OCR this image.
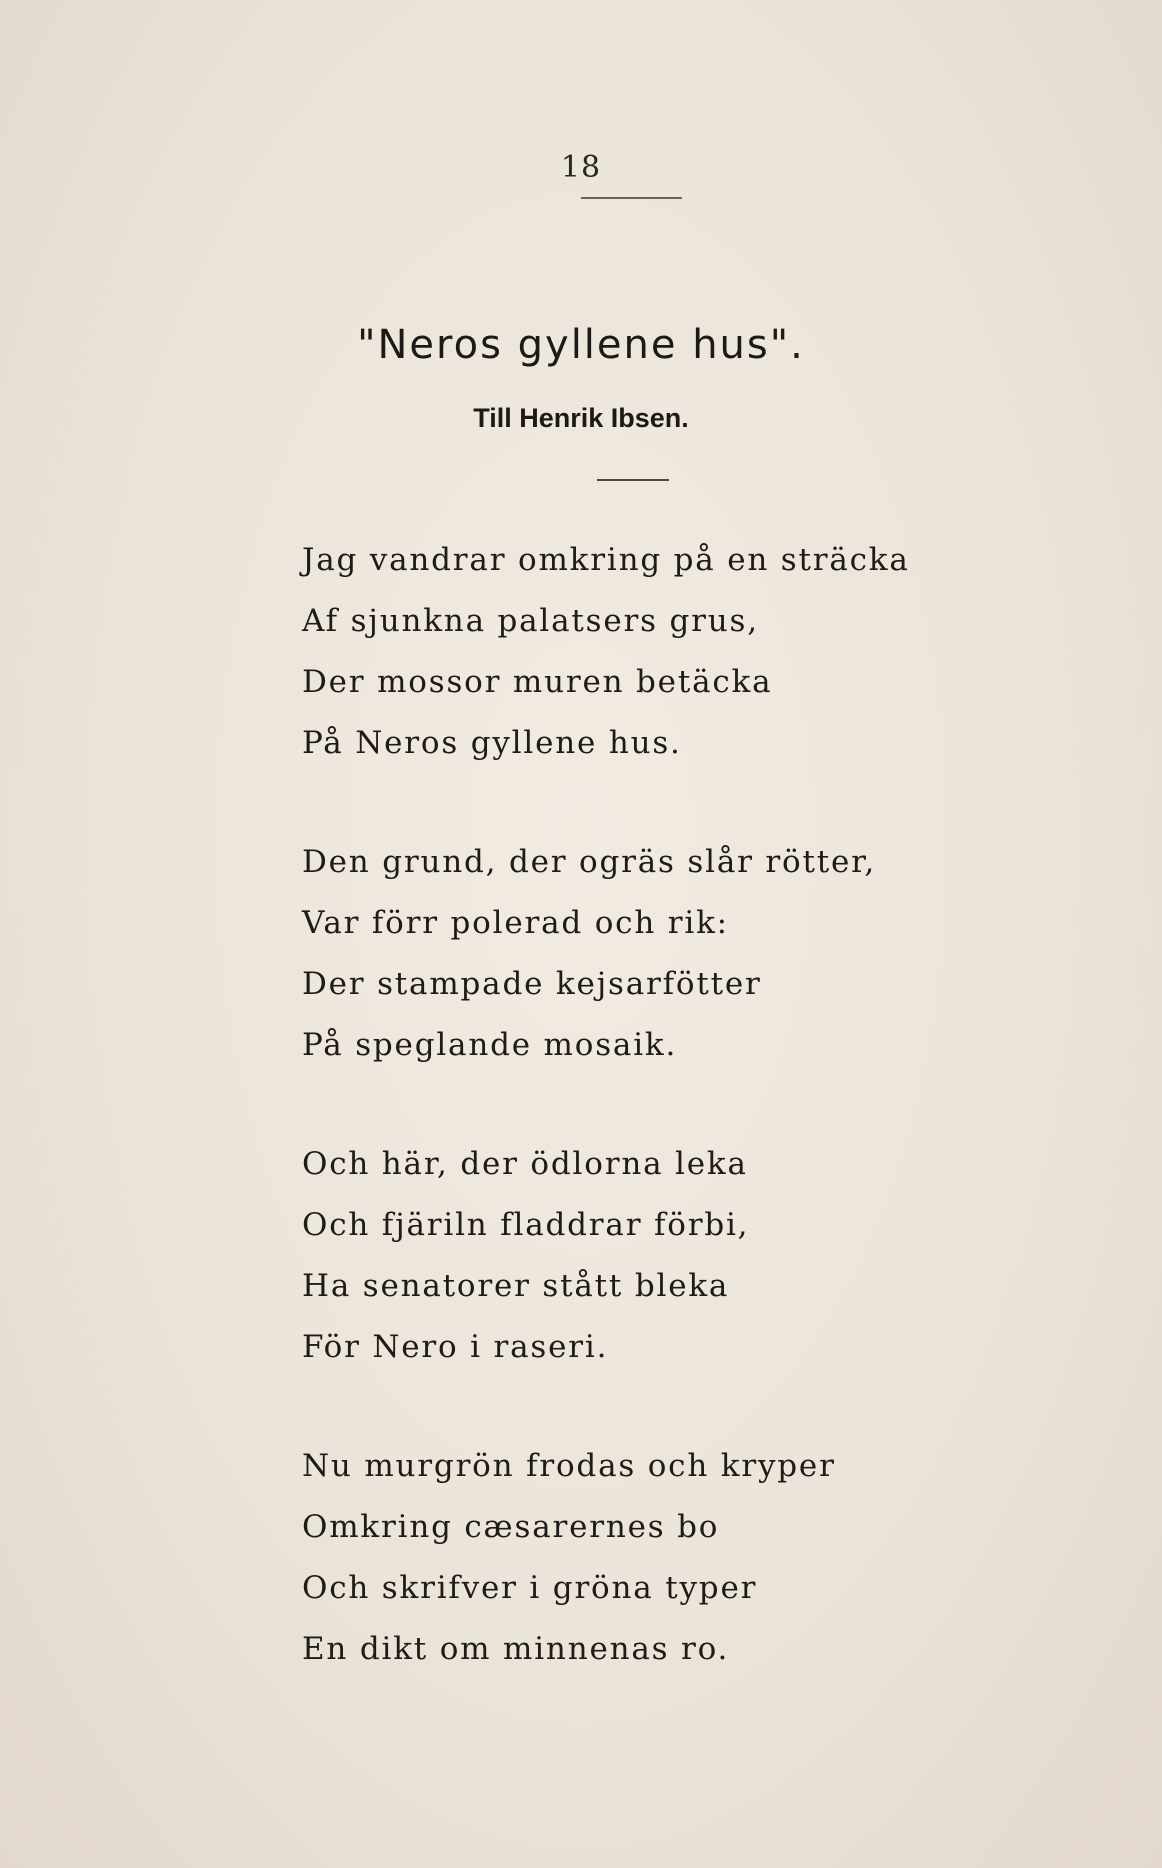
18
"Neros gyllene hus".
Till Henrik Ibsen.
Jag vandrar omkring på en sträcka
Af sjunkna palatsers grus,
Der mossor muren betäcka
På Neros gyllene hus.
Den grund, der ogräs slår rötter,
Var förr polerad och rik:
Der stampade kejsarfötter
På speglande mosaik.
Och här, der ödlorna leka
Och fjäriln fladdrar förbi,
Ha senatorer stått bleka
För Nero i raseri.
Nu murgrön frodas och kryper
Omkring cæsarernes bo
Och skrifver i gröna typer
En dikt om minnenas ro.
